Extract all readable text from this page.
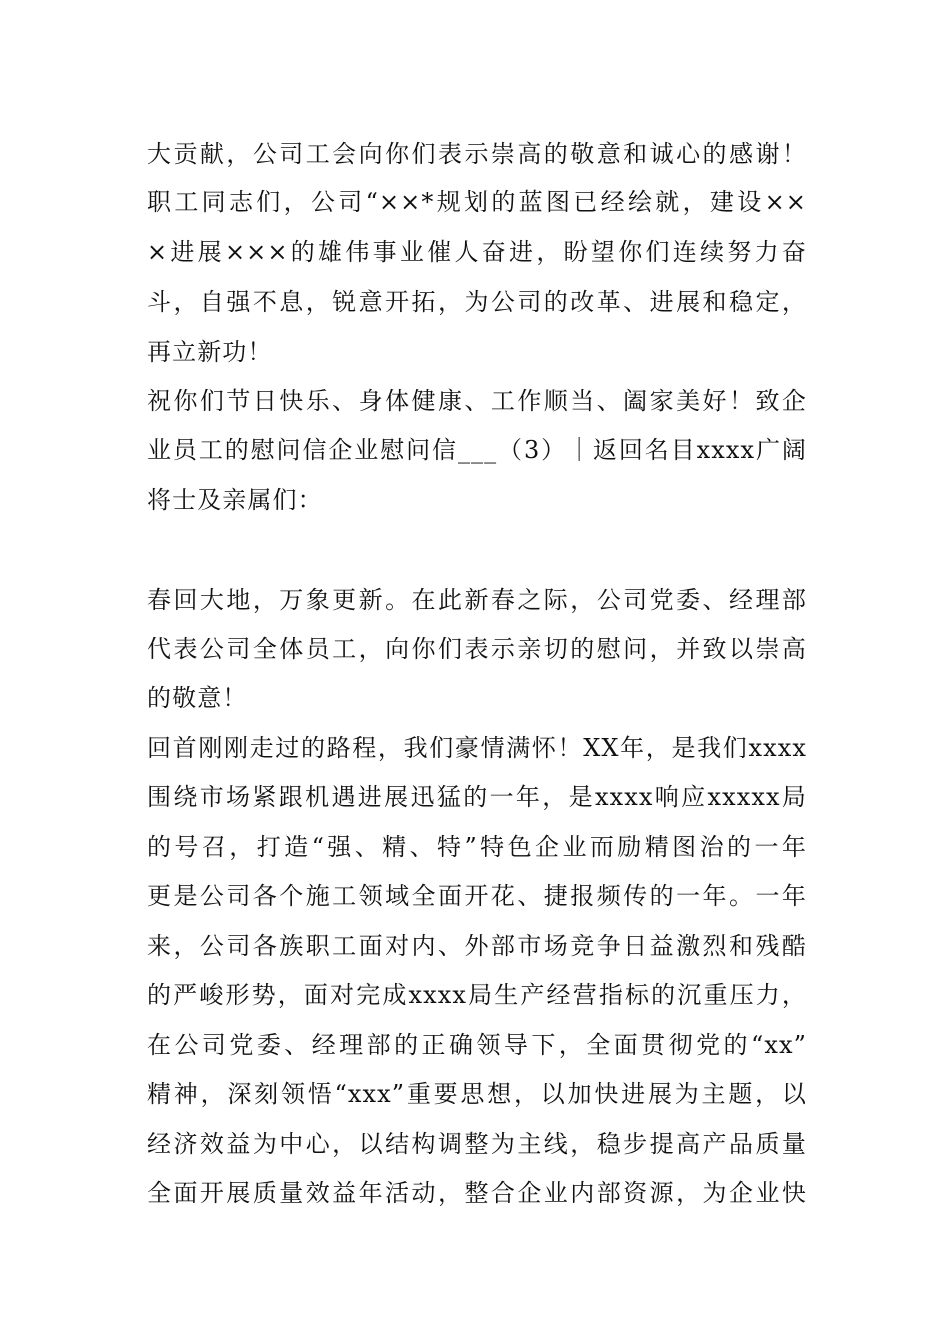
大贡献，公司工会向你们表示崇高的敬意和诚心的感谢！
职工同志们，公司“××*规划的蓝图已经绘就，建设××
×进展×××的雄伟事业催人奋进，盼望你们连续努力奋
斗，自强不息，锐意开拓，为公司的改革、进展和稳定，
再立新功！
祝你们节日快乐、身体健康、工作顺当、阖家美好！致企
业员工的慰问信企业慰问信___（3）｜返回名目xxxx广阔
将士及亲属们：
春回大地，万象更新。在此新春之际，公司党委、经理部
代表公司全体员工，向你们表示亲切的慰问，并致以崇高
的敬意！
回首刚刚走过的路程，我们豪情满怀！XX年，是我们xxxx
围绕市场紧跟机遇进展迅猛的一年，是xxxx响应xxxxx局
的号召，打造“强、精、特”特色企业而励精图治的一年
更是公司各个施工领域全面开花、捷报频传的一年。一年
来，公司各族职工面对内、外部市场竞争日益激烈和残酷
的严峻形势，面对完成xxxx局生产经营指标的沉重压力，
在公司党委、经理部的正确领导下，全面贯彻党的“xx”
精神，深刻领悟“xxx”重要思想，以加快进展为主题，以
经济效益为中心，以结构调整为主线，稳步提高产品质量
全面开展质量效益年活动，整合企业内部资源，为企业快
